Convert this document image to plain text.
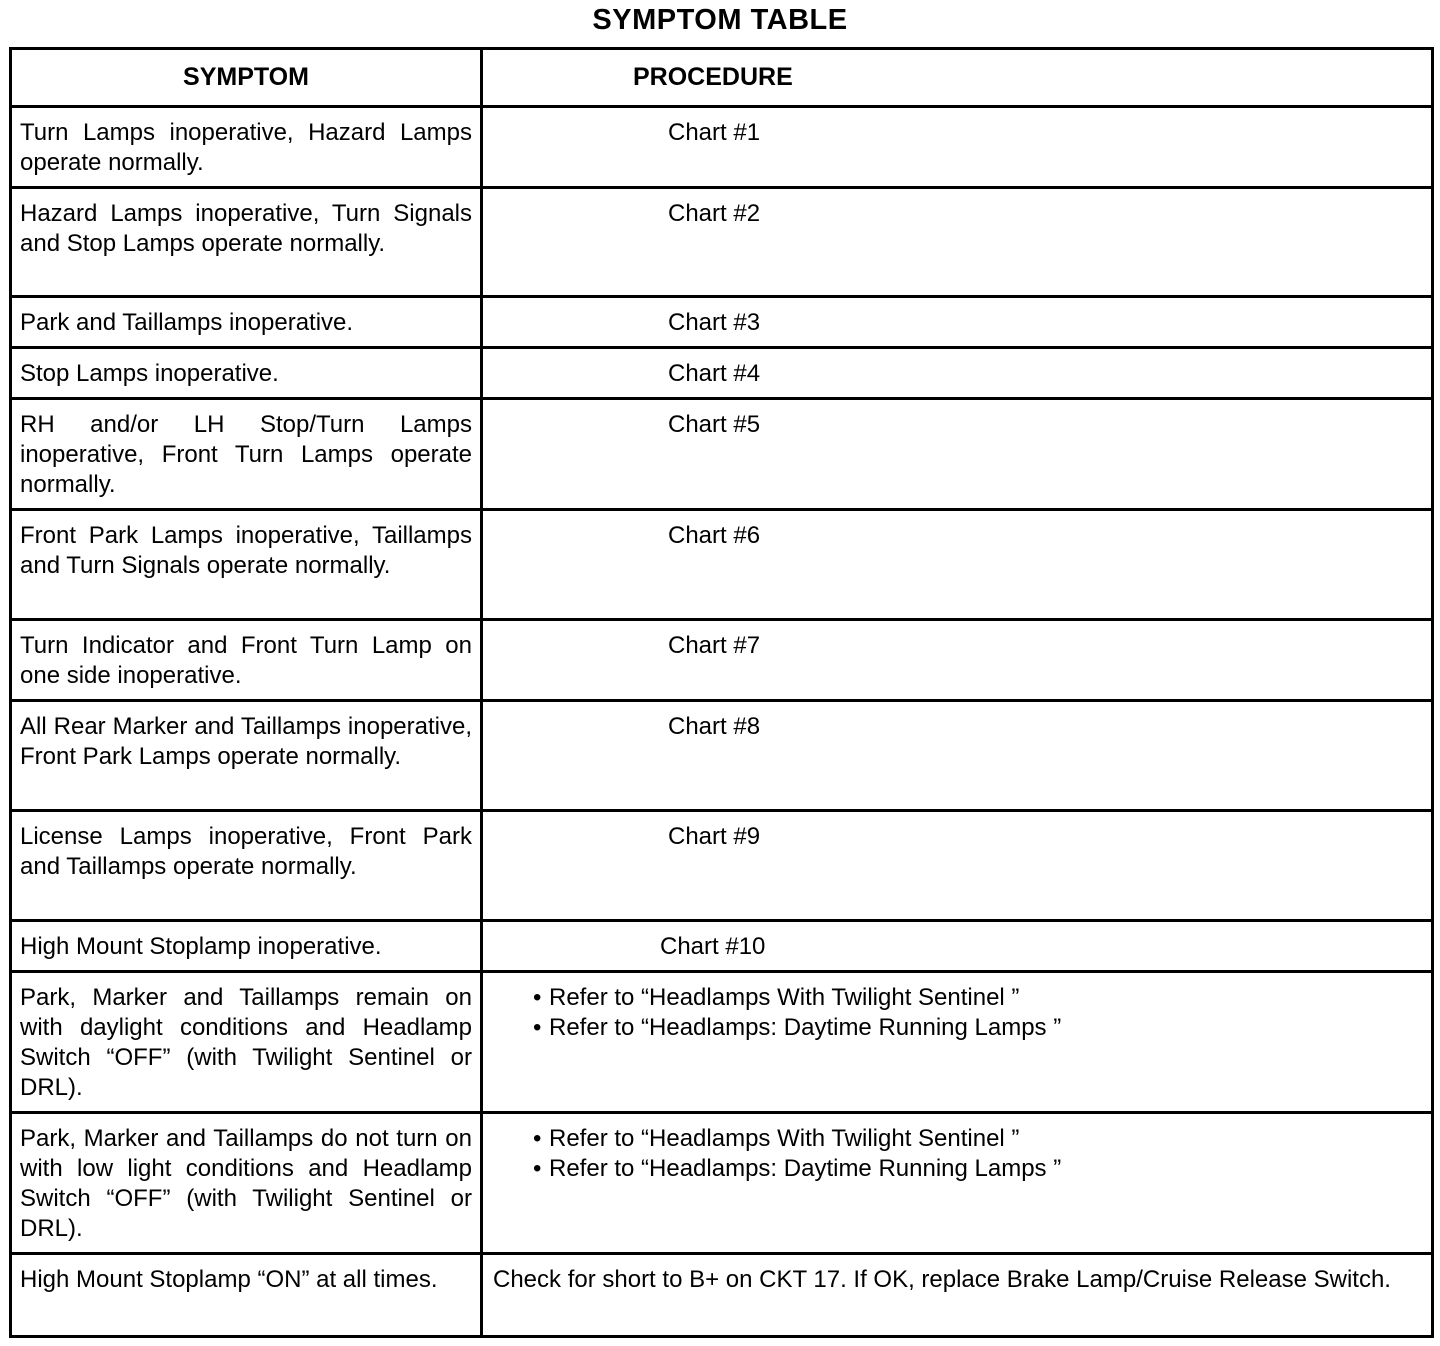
SYMPTOM TABLE
SYMPTOM	PROCEDURE
Turn Lamps inoperative, Hazard Lamps operate normally.	Chart #1

Hazard Lamps inoperative, Turn Signals and Stop Lamps operate normally.	Chart #2

Park and Taillamps inoperative.	Chart #3

Stop Lamps inoperative.	Chart #4

RH and/or LH Stop/Turn Lamps inoperative, Front Turn Lamps operate normally.	Chart #5

Front Park Lamps inoperative, Taillamps and Turn Signals operate normally.	Chart #6

Turn Indicator and Front Turn Lamp on one side inoperative.	Chart #7

All Rear Marker and Taillamps inoperative, Front Park Lamps operate normally.	Chart #8

License Lamps inoperative, Front Park and Taillamps operate normally.	Chart #9

High Mount Stoplamp inoperative.	Chart #10

Park, Marker and Taillamps remain on with daylight conditions and Headlamp Switch “OFF” (with Twilight Sentinel or DRL).	• Refer to “Headlamps With Twilight Sentinel ”
• Refer to “Headlamps: Daytime Running Lamps ”

Park, Marker and Taillamps do not turn on with low light conditions and Headlamp Switch “OFF” (with Twilight Sentinel or DRL).	• Refer to “Headlamps With Twilight Sentinel ”
• Refer to “Headlamps: Daytime Running Lamps ”

High Mount Stoplamp “ON” at all times.	Check for short to B+ on CKT 17. If OK, replace Brake Lamp/Cruise Release Switch.
